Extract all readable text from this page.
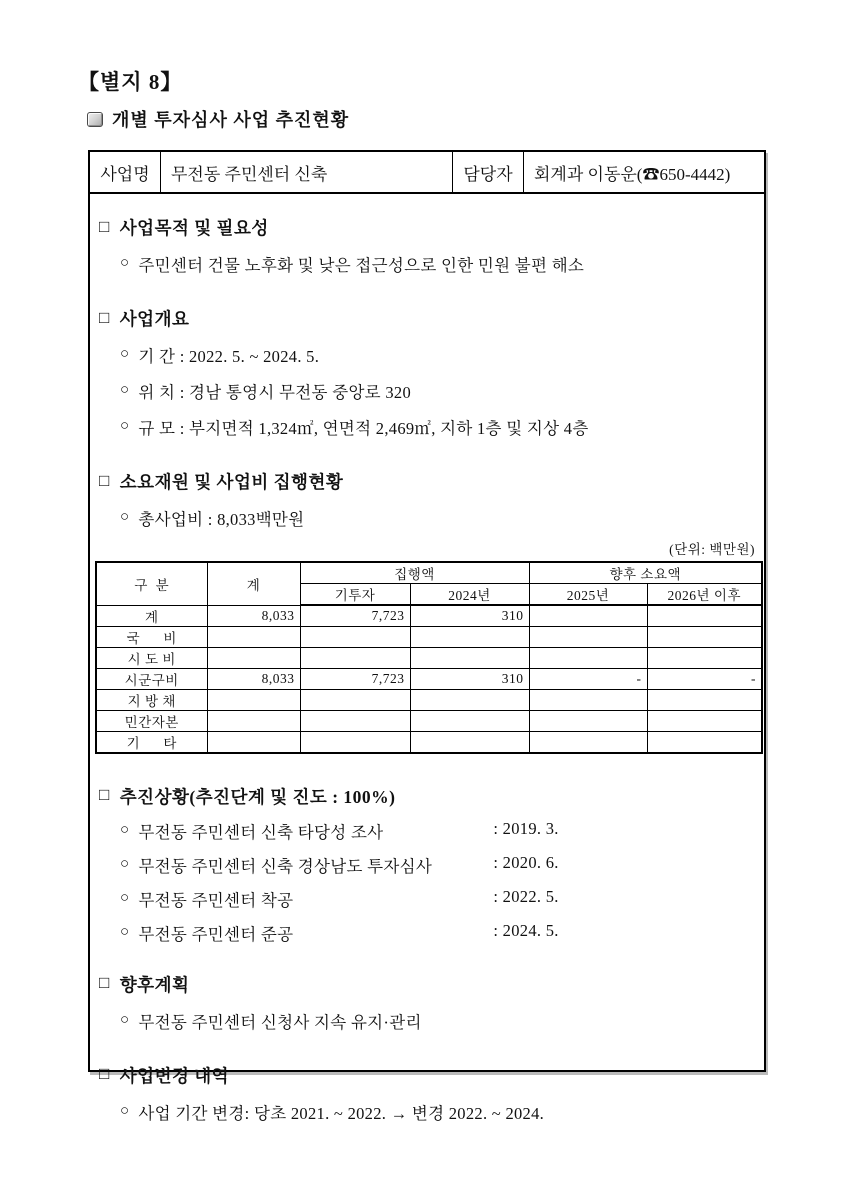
【별지 8】
개별 투자심사 사업 추진현황
사업명	무전동 주민센터 신축	담당자	회계과 이동운(☎650-4442)
□ 사업목적 및 필요성
○ 주민센터 건물 노후화 및 낮은 접근성으로 인한 민원 불편 해소
□ 사업개요
○ 기 간 : 2022. 5. ~ 2024. 5.
○ 위 치 : 경남 통영시 무전동 중앙로 320
○ 규 모 : 부지면적 1,324㎡, 연면적 2,469㎡, 지하 1층 및 지상 4층
□ 소요재원 및 사업비 집행현황
○ 총사업비 : 8,033백만원
(단위: 백만원)
구  분	계	집행액		향후 소요액	
		기투자	2024년	2025년	2026년 이후
계	8,033	7,723	310		
국      비					
시 도 비					
시군구비	8,033	7,723	310	-	-
지 방 채					
민간자본					
기      타					
□ 추진상황(추진단계 및 진도 : 100%)
○ 무전동 주민센터 신축 타당성 조사	: 2019. 3.
○ 무전동 주민센터 신축 경상남도 투자심사	: 2020. 6.
○ 무전동 주민센터 착공	: 2022. 5.
○ 무전동 주민센터 준공	: 2024. 5.
□ 향후계획
○ 무전동 주민센터 신청사 지속 유지·관리
□ 사업변경 내역
○ 사업 기간 변경: 당초 2021. ~ 2022. → 변경 2022. ~ 2024.
